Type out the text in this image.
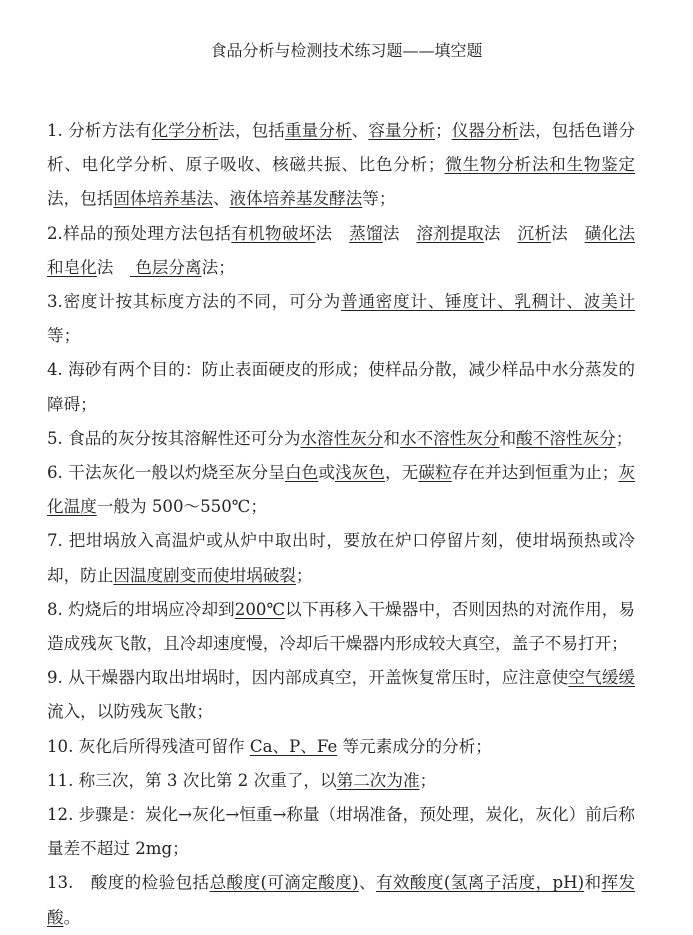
食品分析与检测技术练习题——填空题

1. 分析方法有化学分析法，包括重量分析、容量分析；仪器分析法，包括色谱分析、电化学分析、原子吸收、核磁共振、比色分析；微生物分析法和生物鉴定法，包括固体培养基法、液体培养基发酵法等；

2.样品的预处理方法包括有机物破坏法　蒸馏法　溶剂提取法　沉析法　磺化法和皂化法　 色层分离法；

3.密度计按其标度方法的不同，可分为普通密度计、锤度计、乳稠计、波美计等；

4. 海砂有两个目的：防止表面硬皮的形成；使样品分散，减少样品中水分蒸发的障碍；

5. 食品的灰分按其溶解性还可分为水溶性灰分和水不溶性灰分和酸不溶性灰分；

6. 干法灰化一般以灼烧至灰分呈白色或浅灰色，无碳粒存在并达到恒重为止；灰化温度一般为 500～550℃；

7. 把坩埚放入高温炉或从炉中取出时，要放在炉口停留片刻，使坩埚预热或冷却，防止因温度剧变而使坩埚破裂；

8. 灼烧后的坩埚应冷却到200℃以下再移入干燥器中，否则因热的对流作用，易造成残灰飞散，且冷却速度慢，冷却后干燥器内形成较大真空，盖子不易打开；

9. 从干燥器内取出坩埚时，因内部成真空，开盖恢复常压时，应注意使空气缓缓流入，以防残灰飞散；

10. 灰化后所得残渣可留作 Ca、P、Fe 等元素成分的分析；

11. 称三次，第 3 次比第 2 次重了，以第二次为准；

12. 步骤是：炭化→灰化→恒重→称量（坩埚准备，预处理，炭化，灰化）前后称量差不超过 2mg；

13.　酸度的检验包括总酸度(可滴定酸度)、有效酸度(氢离子活度，pH)和挥发酸。
